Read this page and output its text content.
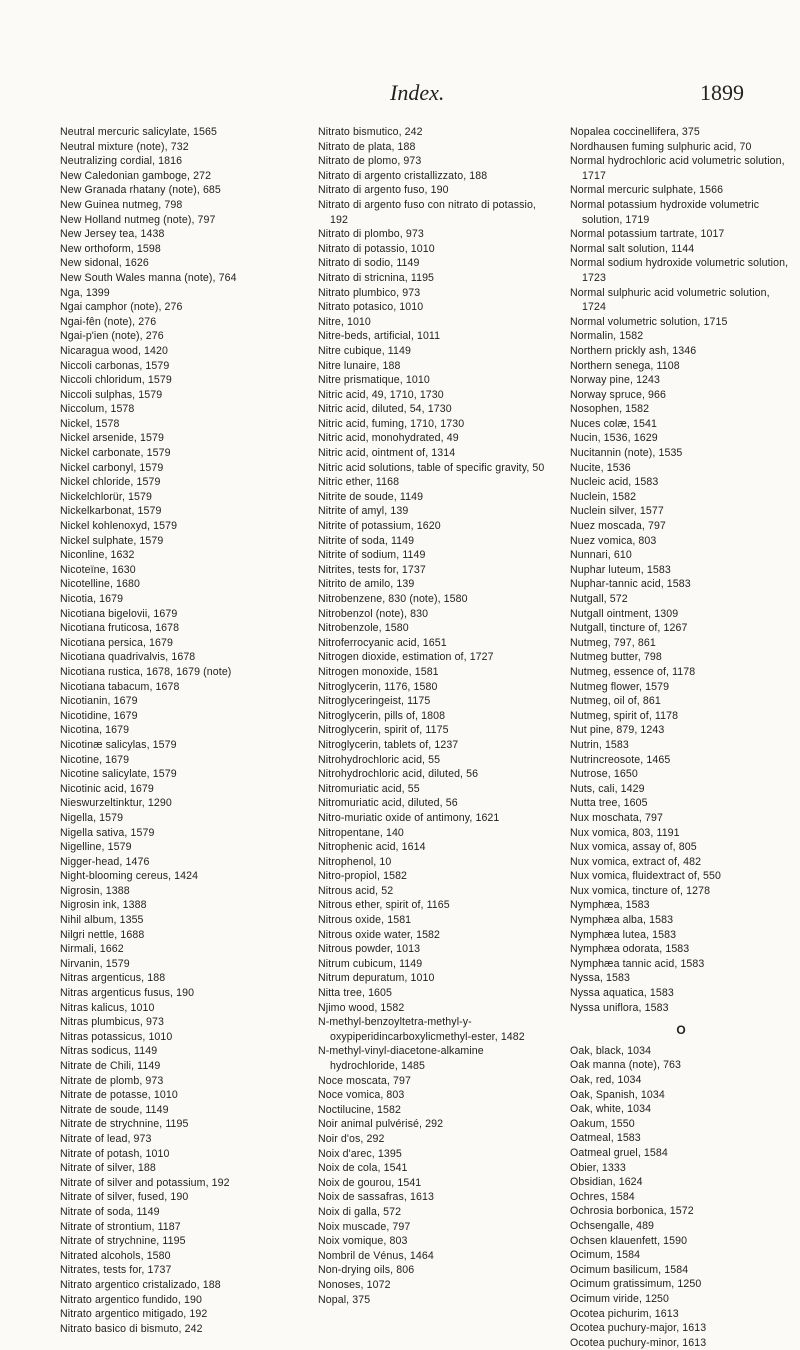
Index.	1899
Neutral mercuric salicylate, 1565
Neutral mixture (note), 732
Neutralizing cordial, 1816
New Caledonian gamboge, 272
New Granada rhatany (note), 685
New Guinea nutmeg, 798
New Holland nutmeg (note), 797
New Jersey tea, 1438
New orthoform, 1598
New sidonal, 1626
New South Wales manna (note), 764
Nga, 1399
Ngai camphor (note), 276
Ngai-fên (note), 276
Ngai-p'ien (note), 276
Nicaragua wood, 1420
Niccoli carbonas, 1579
Niccoli chloridum, 1579
Niccoli sulphas, 1579
Niccolum, 1578
Nickel, 1578
Nickel arsenide, 1579
Nickel carbonate, 1579
Nickel carbonyl, 1579
Nickel chloride, 1579
Nickelchlorür, 1579
Nickelkarbonat, 1579
Nickel kohlenoxyd, 1579
Nickel sulphate, 1579
Niconline, 1632
Nicoteïne, 1630
Nicotelline, 1680
Nicotia, 1679
Nicotiana bigelovii, 1679
Nicotiana fruticosa, 1678
Nicotiana persica, 1679
Nicotiana quadrivalvis, 1678
Nicotiana rustica, 1678, 1679 (note)
Nicotiana tabacum, 1678
Nicotianin, 1679
Nicotidine, 1679
Nicotina, 1679
Nicotinæ salicylas, 1579
Nicotine, 1679
Nicotine salicylate, 1579
Nicotinic acid, 1679
Nieswurzeltinktur, 1290
Nigella, 1579
Nigella sativa, 1579
Nigelline, 1579
Nigger-head, 1476
Night-blooming cereus, 1424
Nigrosin, 1388
Nigrosin ink, 1388
Nihil album, 1355
Nilgri nettle, 1688
Nirmali, 1662
Nirvanin, 1579
Nitras argenticus, 188
Nitras argenticus fusus, 190
Nitras kalicus, 1010
Nitras plumbicus, 973
Nitras potassicus, 1010
Nitras sodicus, 1149
Nitrate de Chili, 1149
Nitrate de plomb, 973
Nitrate de potasse, 1010
Nitrate de soude, 1149
Nitrate de strychnine, 1195
Nitrate of lead, 973
Nitrate of potash, 1010
Nitrate of silver, 188
Nitrate of silver and potassium, 192
Nitrate of silver, fused, 190
Nitrate of soda, 1149
Nitrate of strontium, 1187
Nitrate of strychnine, 1195
Nitrated alcohols, 1580
Nitrates, tests for, 1737
Nitrato argentico cristalizado, 188
Nitrato argentico fundido, 190
Nitrato argentico mitigado, 192
Nitrato basico di bismuto, 242
Nitrato bismutico, 242
Nitrato de plata, 188
Nitrato de plomo, 973
Nitrato di argento cristallizzato, 188
Nitrato di argento fuso, 190
Nitrato di argento fuso con nitrato di potassio, 192
Nitrato di plombo, 973
Nitrato di potassio, 1010
Nitrato di sodio, 1149
Nitrato di stricnina, 1195
Nitrato plumbico, 973
Nitrato potasico, 1010
Nitre, 1010
Nitre-beds, artificial, 1011
Nitre cubique, 1149
Nitre lunaire, 188
Nitre prismatique, 1010
Nitric acid, 49, 1710, 1730
Nitric acid, diluted, 54, 1730
Nitric acid, fuming, 1710, 1730
Nitric acid, monohydrated, 49
Nitric acid, ointment of, 1314
Nitric acid solutions, table of specific gravity, 50
Nitric ether, 1168
Nitrite de soude, 1149
Nitrite of amyl, 139
Nitrite of potassium, 1620
Nitrite of soda, 1149
Nitrite of sodium, 1149
Nitrites, tests for, 1737
Nitrito de amilo, 139
Nitrobenzene, 830 (note), 1580
Nitrobenzol (note), 830
Nitrobenzole, 1580
Nitroferrocyanic acid, 1651
Nitrogen dioxide, estimation of, 1727
Nitrogen monoxide, 1581
Nitroglycerin, 1176, 1580
Nitroglyceringeist, 1175
Nitroglycerin, pills of, 1808
Nitroglycerin, spirit of, 1175
Nitroglycerin, tablets of, 1237
Nitrohydrochloric acid, 55
Nitrohydrochloric acid, diluted, 56
Nitromuriatic acid, 55
Nitromuriatic acid, diluted, 56
Nitro-muriatic oxide of antimony, 1621
Nitropentane, 140
Nitrophenic acid, 1614
Nitrophenol, 10
Nitro-propiol, 1582
Nitrous acid, 52
Nitrous ether, spirit of, 1165
Nitrous oxide, 1581
Nitrous oxide water, 1582
Nitrous powder, 1013
Nitrum cubicum, 1149
Nitrum depuratum, 1010
Nitta tree, 1605
Njimo wood, 1582
N-methyl-benzoyltetra-methyl-y-oxypiperidincarboxylicmethyl-ester, 1482
N-methyl-vinyl-diacetone-alkamine hydrochloride, 1485
Noce moscata, 797
Noce vomica, 803
Noctilucine, 1582
Noir animal pulvérisé, 292
Noir d'os, 292
Noix d'arec, 1395
Noix de cola, 1541
Noix de gourou, 1541
Noix de sassafras, 1613
Noix di galla, 572
Noix muscade, 797
Noix vomique, 803
Nombril de Vénus, 1464
Non-drying oils, 806
Nonoses, 1072
Nopal, 375
Nopalea coccinellifera, 375
Nordhausen fuming sulphuric acid, 70
Normal hydrochloric acid volumetric solution, 1717
Normal mercuric sulphate, 1566
Normal potassium hydroxide volumetric solution, 1719
Normal potassium tartrate, 1017
Normal salt solution, 1144
Normal sodium hydroxide volumetric solution, 1723
Normal sulphuric acid volumetric solution, 1724
Normal volumetric solution, 1715
Normalin, 1582
Northern prickly ash, 1346
Northern senega, 1108
Norway pine, 1243
Norway spruce, 966
Nosophen, 1582
Nuces colæ, 1541
Nucin, 1536, 1629
Nucitannin (note), 1535
Nucite, 1536
Nucleic acid, 1583
Nuclein, 1582
Nuclein silver, 1577
Nuez moscada, 797
Nuez vomica, 803
Nunnari, 610
Nuphar luteum, 1583
Nuphar-tannic acid, 1583
Nutgall, 572
Nutgall ointment, 1309
Nutgall, tincture of, 1267
Nutmeg, 797, 861
Nutmeg butter, 798
Nutmeg, essence of, 1178
Nutmeg flower, 1579
Nutmeg, oil of, 861
Nutmeg, spirit of, 1178
Nut pine, 879, 1243
Nutrin, 1583
Nutrincreosote, 1465
Nutrose, 1650
Nuts, cali, 1429
Nutta tree, 1605
Nux moschata, 797
Nux vomica, 803, 1191
Nux vomica, assay of, 805
Nux vomica, extract of, 482
Nux vomica, fluidextract of, 550
Nux vomica, tincture of, 1278
Nymphæa, 1583
Nymphæa alba, 1583
Nymphæa lutea, 1583
Nymphæa odorata, 1583
Nymphæa tannic acid, 1583
Nyssa, 1583
Nyssa aquatica, 1583
Nyssa uniflora, 1583
O
Oak, black, 1034
Oak manna (note), 763
Oak, red, 1034
Oak, Spanish, 1034
Oak, white, 1034
Oakum, 1550
Oatmeal, 1583
Oatmeal gruel, 1584
Obier, 1333
Obsidian, 1624
Ochres, 1584
Ochrosia borbonica, 1572
Ochsengalle, 489
Ochsen klauenfett, 1590
Ocimum, 1584
Ocimum basilicum, 1584
Ocimum gratissimum, 1250
Ocimum viride, 1250
Ocotea pichurim, 1613
Ocotea puchury-major, 1613
Ocotea puchury-minor, 1613
